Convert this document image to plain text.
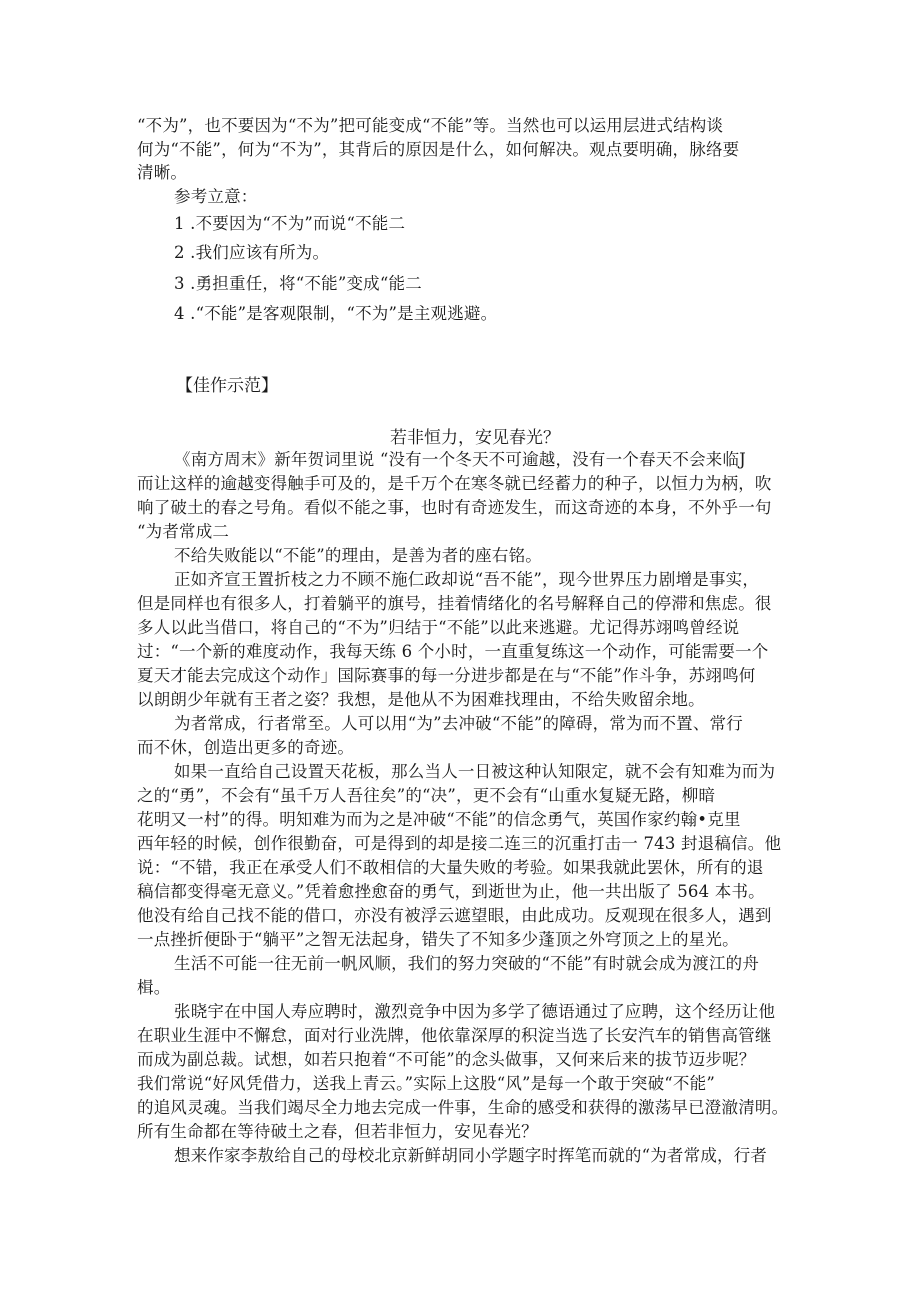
“不为”，也不要因为“不为”把可能变成“不能”等。当然也可以运用层进式结构谈
何为“不能”，何为“不为”，其背后的原因是什么，如何解决。观点要明确，脉络要
清晰。
参考立意：
1 .不要因为“不为”而说“不能二
2 .我们应该有所为。
3 .勇担重任，将“不能”变成“能二
4 .“不能”是客观限制，“不为”是主观逃避。
【佳作示范】
若非恒力，安见春光？
《南方周末》新年贺词里说 “没有一个冬天不可逾越，没有一个春天不会来临J
而让这样的逾越变得触手可及的，是千万个在寒冬就已经蓄力的种子，以恒力为柄，吹
响了破土的春之号角。看似不能之事，也时有奇迹发生，而这奇迹的本身，不外乎一句
“为者常成二
不给失败能以“不能”的理由，是善为者的座右铭。
正如齐宣王置折枝之力不顾不施仁政却说“吾不能”，现今世界压力剧增是事实，
但是同样也有很多人，打着躺平的旗号，挂着情绪化的名号解释自己的停滞和焦虑。很
多人以此当借口，将自己的“不为”归结于“不能”以此来逃避。尤记得苏翊鸣曾经说
过：“一个新的难度动作，我每天练 6 个小时，一直重复练这一个动作，可能需要一个
夏天才能去完成这个动作」国际赛事的每一分进步都是在与“不能”作斗争，苏翊鸣何
以朗朗少年就有王者之姿？我想，是他从不为困难找理由，不给失败留余地。
为者常成，行者常至。人可以用“为”去冲破“不能”的障碍，常为而不置、常行
而不休，创造出更多的奇迹。
如果一直给自己设置天花板，那么当人一日被这种认知限定，就不会有知难为而为
之的“勇”，不会有“虽千万人吾往矣”的“决”，更不会有“山重水复疑无路，柳暗
花明又一村”的得。明知难为而为之是冲破“不能”的信念勇气，英国作家约翰•克里
西年轻的时候，创作很勤奋，可是得到的却是接二连三的沉重打击一 743 封退稿信。他
说：“不错，我正在承受人们不敢相信的大量失败的考验。如果我就此罢休，所有的退
稿信都变得毫无意义。”凭着愈挫愈奋的勇气，到逝世为止，他一共出版了 564 本书。
他没有给自己找不能的借口，亦没有被浮云遮望眼，由此成功。反观现在很多人，遇到
一点挫折便卧于“躺平”之智无法起身，错失了不知多少蓬顶之外穹顶之上的星光。
生活不可能一往无前一帆风顺，我们的努力突破的“不能”有时就会成为渡江的舟
楫。
张晓宇在中国人寿应聘时，激烈竞争中因为多学了德语通过了应聘，这个经历让他
在职业生涯中不懈怠，面对行业洗牌，他依靠深厚的积淀当选了长安汽车的销售高管继
而成为副总裁。试想，如若只抱着“不可能”的念头做事，又何来后来的拔节迈步呢？
我们常说“好风凭借力，送我上青云。”实际上这股“风”是每一个敢于突破“不能”
的追风灵魂。当我们竭尽全力地去完成一件事，生命的感受和获得的激荡早已澄澈清明。
所有生命都在等待破土之春，但若非恒力，安见春光？
想来作家李敖给自己的母校北京新鲜胡同小学题字时挥笔而就的“为者常成，行者
